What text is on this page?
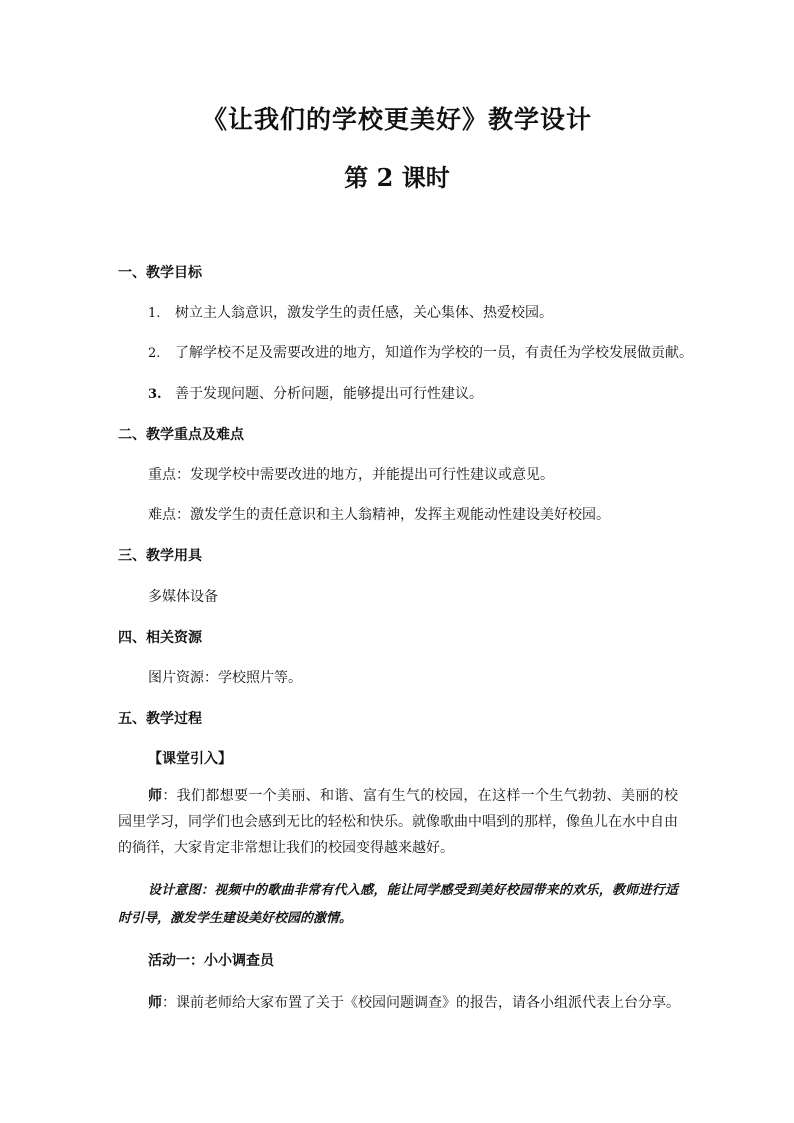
《让我们的学校更美好》教学设计
第 2 课时
一、教学目标
1. 树立主人翁意识，激发学生的责任感，关心集体、热爱校园。
2. 了解学校不足及需要改进的地方，知道作为学校的一员，有责任为学校发展做贡献。
3. 善于发现问题、分析问题，能够提出可行性建议。
二、教学重点及难点
重点：发现学校中需要改进的地方，并能提出可行性建议或意见。
难点：激发学生的责任意识和主人翁精神，发挥主观能动性建设美好校园。
三、教学用具
多媒体设备
四、相关资源
图片资源：学校照片等。
五、教学过程
【课堂引入】
师：我们都想要一个美丽、和谐、富有生气的校园，在这样一个生气勃勃、美丽的校园里学习，同学们也会感到无比的轻松和快乐。就像歌曲中唱到的那样，像鱼儿在水中自由的徜徉，大家肯定非常想让我们的校园变得越来越好。
设计意图：视频中的歌曲非常有代入感，能让同学感受到美好校园带来的欢乐，教师进行适时引导，激发学生建设美好校园的激情。
活动一：小小调查员
师：课前老师给大家布置了关于《校园问题调查》的报告，请各小组派代表上台分享。
